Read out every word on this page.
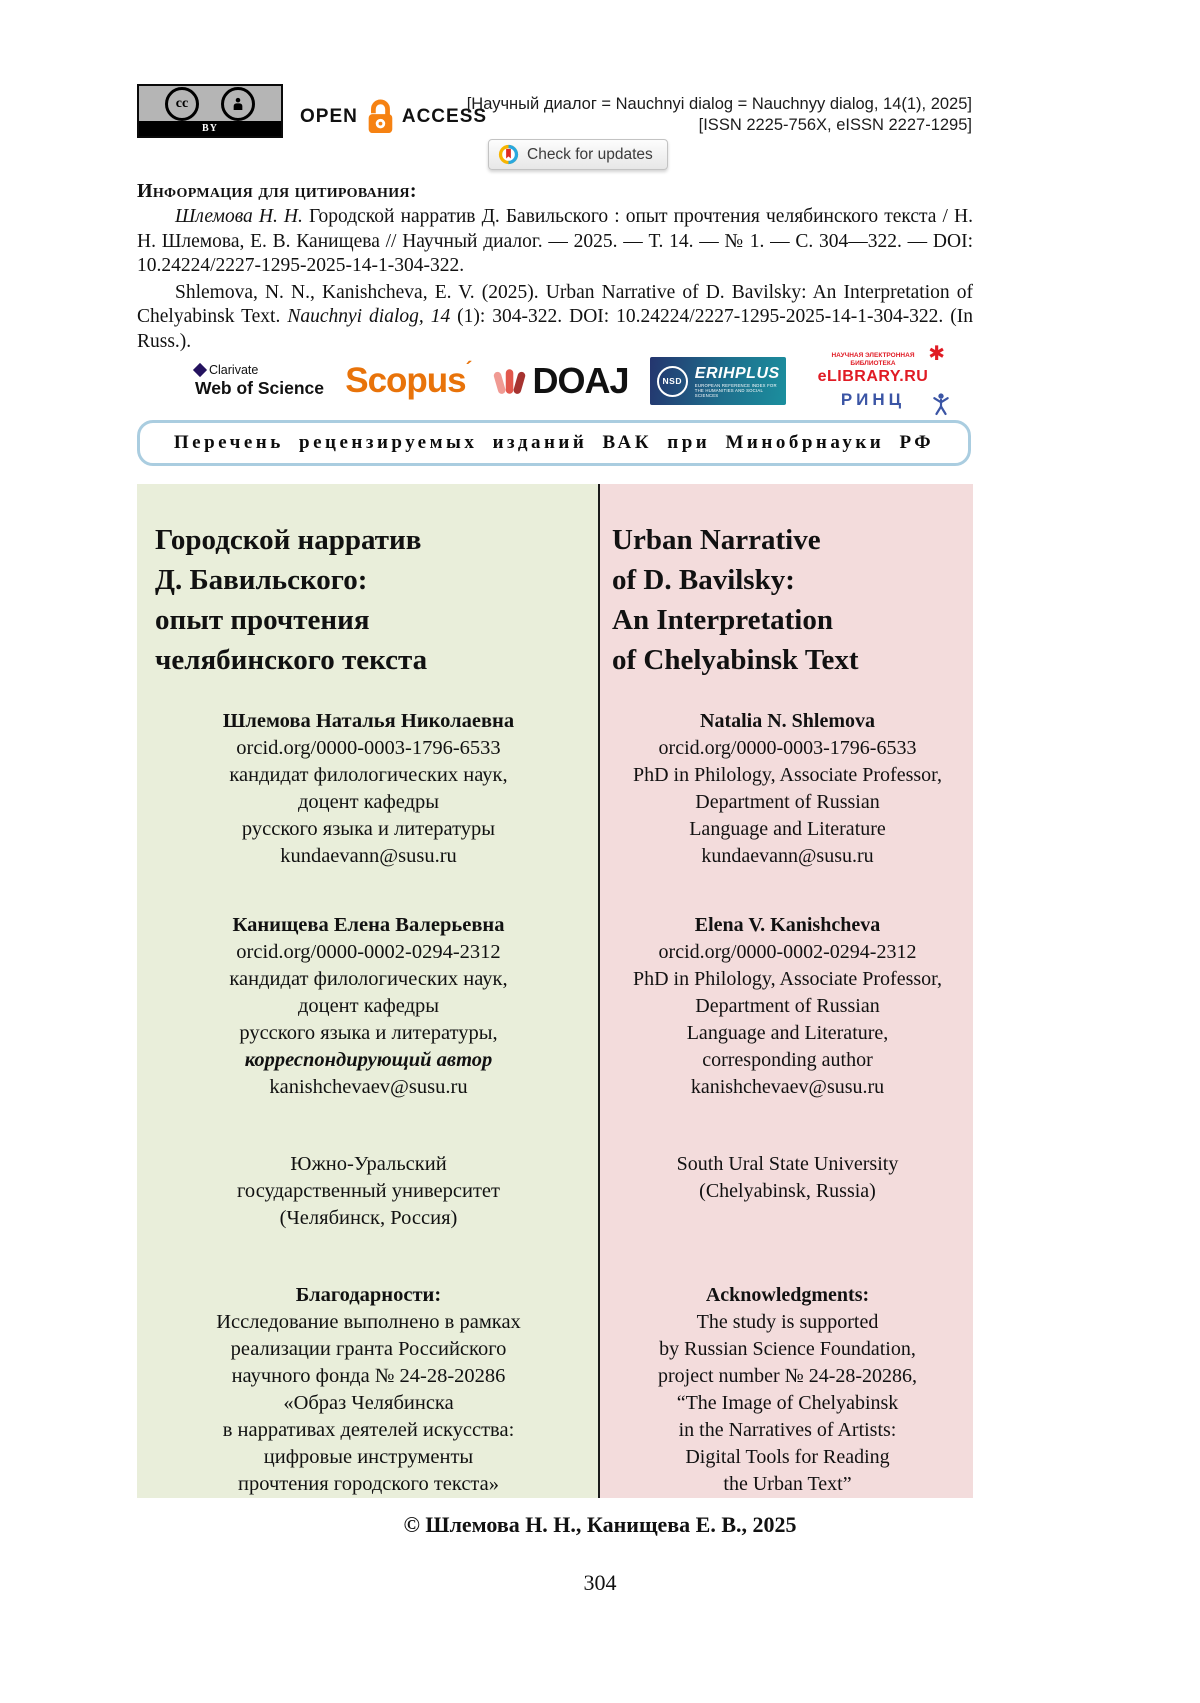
cc
BY
OPEN ACCESS
[Научный диалог = Nauchnyi dialog = Nauchnyy dialog, 14(1), 2025]
[ISSN 2225-756X, eISSN 2227-1295]
Check for updates
Информация для цитирования:

Шлемова Н. Н. Городской нарратив Д. Бавильского : опыт прочтения челябинского текста / Н. Н. Шлемова, Е. В. Канищева // Научный диалог. — 2025. — Т. 14. — № 1. — С. 304—322. — DOI: 10.24224/2227-1295-2025-14-1-304-322.

Shlemova, N. N., Kanishcheva, E. V. (2025). Urban Narrative of D. Bavilsky: An Interpretation of Chelyabinsk Text. Nauchnyi dialog, 14 (1): 304-322. DOI: 10.24224/2227-1295-2025-14-1-304-322. (In Russ.).

Clarivate
Web of Science Scopus ´ DOAJ	NSD ERIHPLUS
EUROPEAN REFERENCE INDEX FOR THE HUMANITIES AND SOCIAL SCIENCES
НАУЧНАЯ ЭЛЕКТРОННАЯ БИБЛИОТЕКА
eLIBRARY.RU
РИНЦ
✱
Перечень рецензируемых изданий ВАК при Минобрнауки РФ
Городской нарратив
Д. Бавильского:
опыт прочтения
челябинского текста
Шлемова Наталья Николаевна
orcid.org/0000-0003-1796-6533
кандидат филологических наук,
доцент кафедры
русского языка и литературы
kundaevann@susu.ru
Канищева Елена Валерьевна
orcid.org/0000-0002-0294-2312
кандидат филологических наук,
доцент кафедры
русского языка и литературы,
корреспондирующий автор
kanishchevaev@susu.ru
Южно-Уральский
государственный университет
(Челябинск, Россия)
Благодарности:
Исследование выполнено в рамках
реализации гранта Российского
научного фонда № 24-28-20286
«Образ Челябинска
в нарративах деятелей искусства:
цифровые инструменты
прочтения городского текста»
Urban Narrative
of D. Bavilsky:
An Interpretation
of Chelyabinsk Text
Natalia N. Shlemova
orcid.org/0000-0003-1796-6533
PhD in Philology, Associate Professor,
Department of Russian
Language and Literature
kundaevann@susu.ru
Elena V. Kanishcheva
orcid.org/0000-0002-0294-2312
PhD in Philology, Associate Professor,
Department of Russian
Language and Literature,
corresponding author
kanishchevaev@susu.ru
South Ural State University
(Chelyabinsk, Russia)
Acknowledgments:
The study is supported
by Russian Science Foundation,
project number № 24-28-20286,
“The Image of Chelyabinsk
in the Narratives of Artists:
Digital Tools for Reading
the Urban Text”
© Шлемова Н. Н., Канищева Е. В., 2025
304
